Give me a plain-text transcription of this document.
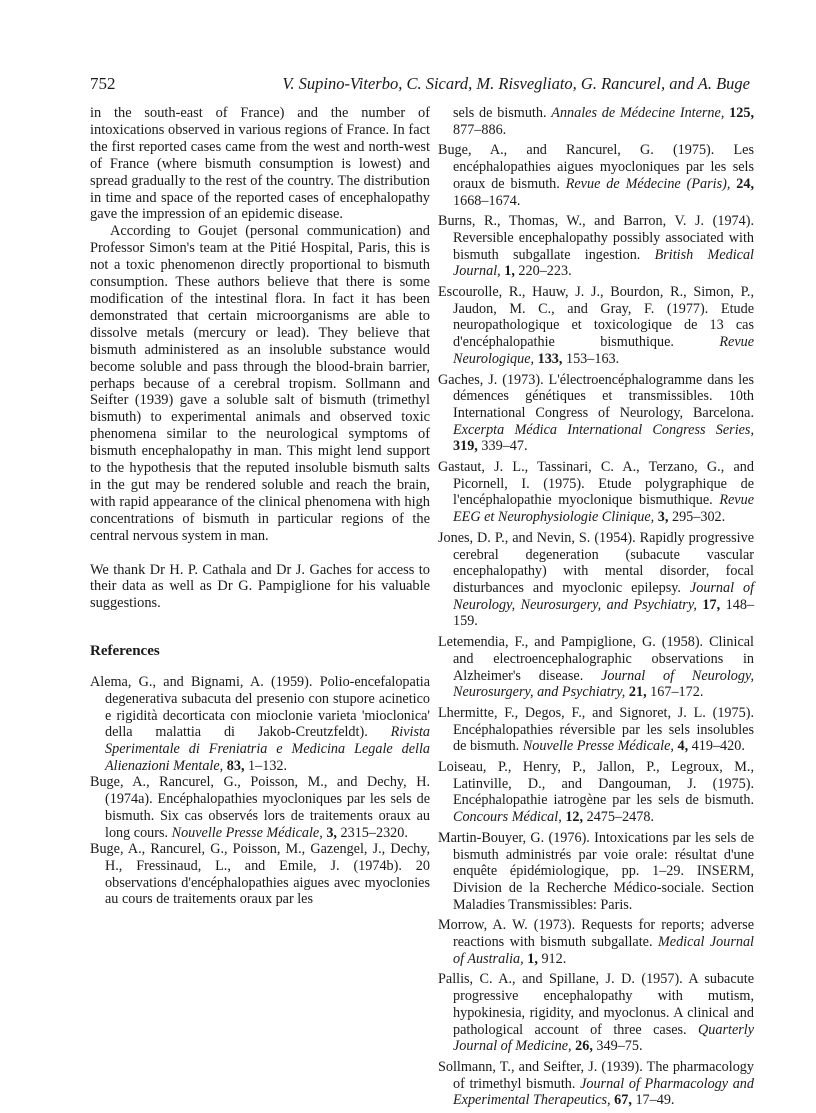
752	V. Supino-Viterbo, C. Sicard, M. Risvegliato, G. Rancurel, and A. Buge

in the south-east of France) and the number of intoxications observed in various regions of France. In fact the first reported cases came from the west and north-west of France (where bismuth consumption is lowest) and spread gradually to the rest of the country. The distribution in time and space of the reported cases of encephalopathy gave the impression of an epidemic disease.

According to Goujet (personal communication) and Professor Simon's team at the Pitié Hospital, Paris, this is not a toxic phenomenon directly proportional to bismuth consumption. These authors believe that there is some modification of the intestinal flora. In fact it has been demonstrated that certain microorganisms are able to dissolve metals (mercury or lead). They believe that bismuth administered as an insoluble substance would become soluble and pass through the blood-brain barrier, perhaps because of a cerebral tropism. Sollmann and Seifter (1939) gave a soluble salt of bismuth (trimethyl bismuth) to experimental animals and observed toxic phenomena similar to the neurological symptoms of bismuth encephalopathy in man. This might lend support to the hypothesis that the reputed insoluble bismuth salts in the gut may be rendered soluble and reach the brain, with rapid appearance of the clinical phenomena with high concentrations of bismuth in particular regions of the central nervous system in man.

We thank Dr H. P. Cathala and Dr J. Gaches for access to their data as well as Dr G. Pampiglione for his valuable suggestions.

References

Alema, G., and Bignami, A. (1959). Polio-encefalopatia degenerativa subacuta del presenio con stupore acinetico e rigidità decorticata con mioclonie varieta 'mioclonica' della malattia di Jakob-Creutzfeldt). Rivista Sperimentale di Freniatria e Medicina Legale della Alienazioni Mentale, 83, 1–132.

Buge, A., Rancurel, G., Poisson, M., and Dechy, H. (1974a). Encéphalopathies myocloniques par les sels de bismuth. Six cas observés lors de traitements oraux au long cours. Nouvelle Presse Médicale, 3, 2315–2320.

Buge, A., Rancurel, G., Poisson, M., Gazengel, J., Dechy, H., Fressinaud, L., and Emile, J. (1974b). 20 observations d'encéphalopathies aigues avec myoclonies au cours de traitements oraux par les

sels de bismuth. Annales de Médecine Interne, 125, 877–886.

Buge, A., and Rancurel, G. (1975). Les encéphalopathies aigues myocloniques par les sels oraux de bismuth. Revue de Médecine (Paris), 24, 1668–1674.

Burns, R., Thomas, W., and Barron, V. J. (1974). Reversible encephalopathy possibly associated with bismuth subgallate ingestion. British Medical Journal, 1, 220–223.

Escourolle, R., Hauw, J. J., Bourdon, R., Simon, P., Jaudon, M. C., and Gray, F. (1977). Etude neuropathologique et toxicologique de 13 cas d'encéphalopathie bismuthique.	Revue Neurologique, 133, 153–163.

Gaches, J. (1973). L'électroencéphalogramme dans les démences génétiques et transmissibles. 10th International Congress of Neurology, Barcelona. Excerpta Médica International Congress Series, 319, 339–47.

Gastaut, J. L., Tassinari, C. A., Terzano, G., and Picornell, I. (1975). Etude polygraphique de l'encéphalopathie myoclonique bismuthique. Revue EEG et Neurophysiologie Clinique, 3, 295–302.

Jones, D. P., and Nevin, S. (1954). Rapidly progressive cerebral degeneration (subacute vascular encephalopathy) with mental disorder, focal disturbances and myoclonic epilepsy. Journal of Neurology, Neurosurgery, and Psychiatry, 17, 148–159.

Letemendia, F., and Pampiglione, G. (1958). Clinical and electroencephalographic observations in Alzheimer's disease. Journal of Neurology, Neurosurgery, and Psychiatry, 21, 167–172.

Lhermitte, F., Degos, F., and Signoret, J. L. (1975). Encéphalopathies réversible par les sels insolubles de bismuth. Nouvelle Presse Médicale, 4, 419–420.

Loiseau, P., Henry, P., Jallon, P., Legroux, M., Latinville, D., and Dangouman, J. (1975). Encéphalopathie iatrogène par les sels de bismuth. Concours Médical, 12, 2475–2478.

Martin-Bouyer, G. (1976). Intoxications par les sels de bismuth administrés par voie orale: résultat d'une enquête épidémiologique, pp. 1–29. INSERM, Division de la Recherche Médico-sociale. Section Maladies Transmissibles: Paris.

Morrow, A. W. (1973). Requests for reports; adverse reactions with bismuth subgallate. Medical Journal of Australia, 1, 912.

Pallis, C. A., and Spillane, J. D. (1957). A subacute progressive encephalopathy with mutism, hypokinesia, rigidity, and myoclonus. A clinical and pathological account of three cases. Quarterly Journal of Medicine, 26, 349–75.

Sollmann, T., and Seifter, J. (1939). The pharmacology of trimethyl bismuth. Journal of Pharmacology and Experimental Therapeutics, 67, 17–49.
